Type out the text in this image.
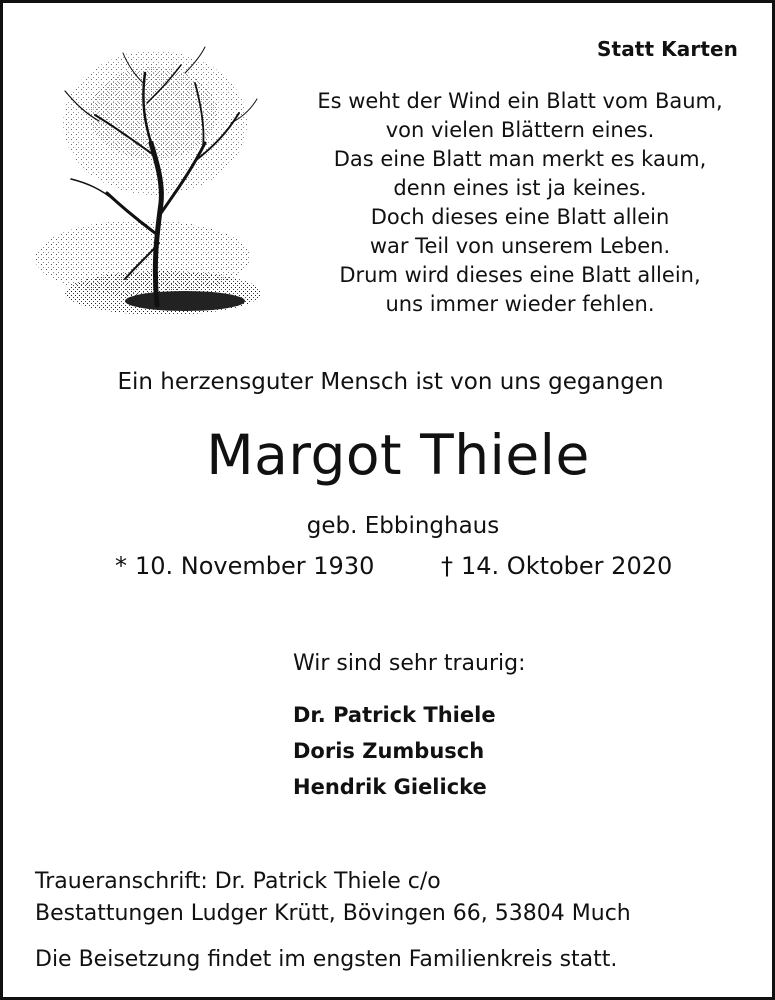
Statt Karten
Es weht der Wind ein Blatt vom Baum,
von vielen Blättern eines.
Das eine Blatt man merkt es kaum,
denn eines ist ja keines.
Doch dieses eine Blatt allein
war Teil von unserem Leben.
Drum wird dieses eine Blatt allein,
uns immer wieder fehlen.
Ein herzensguter Mensch ist von uns gegangen
Margot Thiele
geb. Ebbinghaus
* 10. November 1930	† 14. Oktober 2020
Wir sind sehr traurig:
Dr. Patrick Thiele
Doris Zumbusch
Hendrik Gielicke
Traueranschrift: Dr. Patrick Thiele c/o
Bestattungen Ludger Krütt, Bövingen 66, 53804 Much
Die Beisetzung findet im engsten Familienkreis statt.
